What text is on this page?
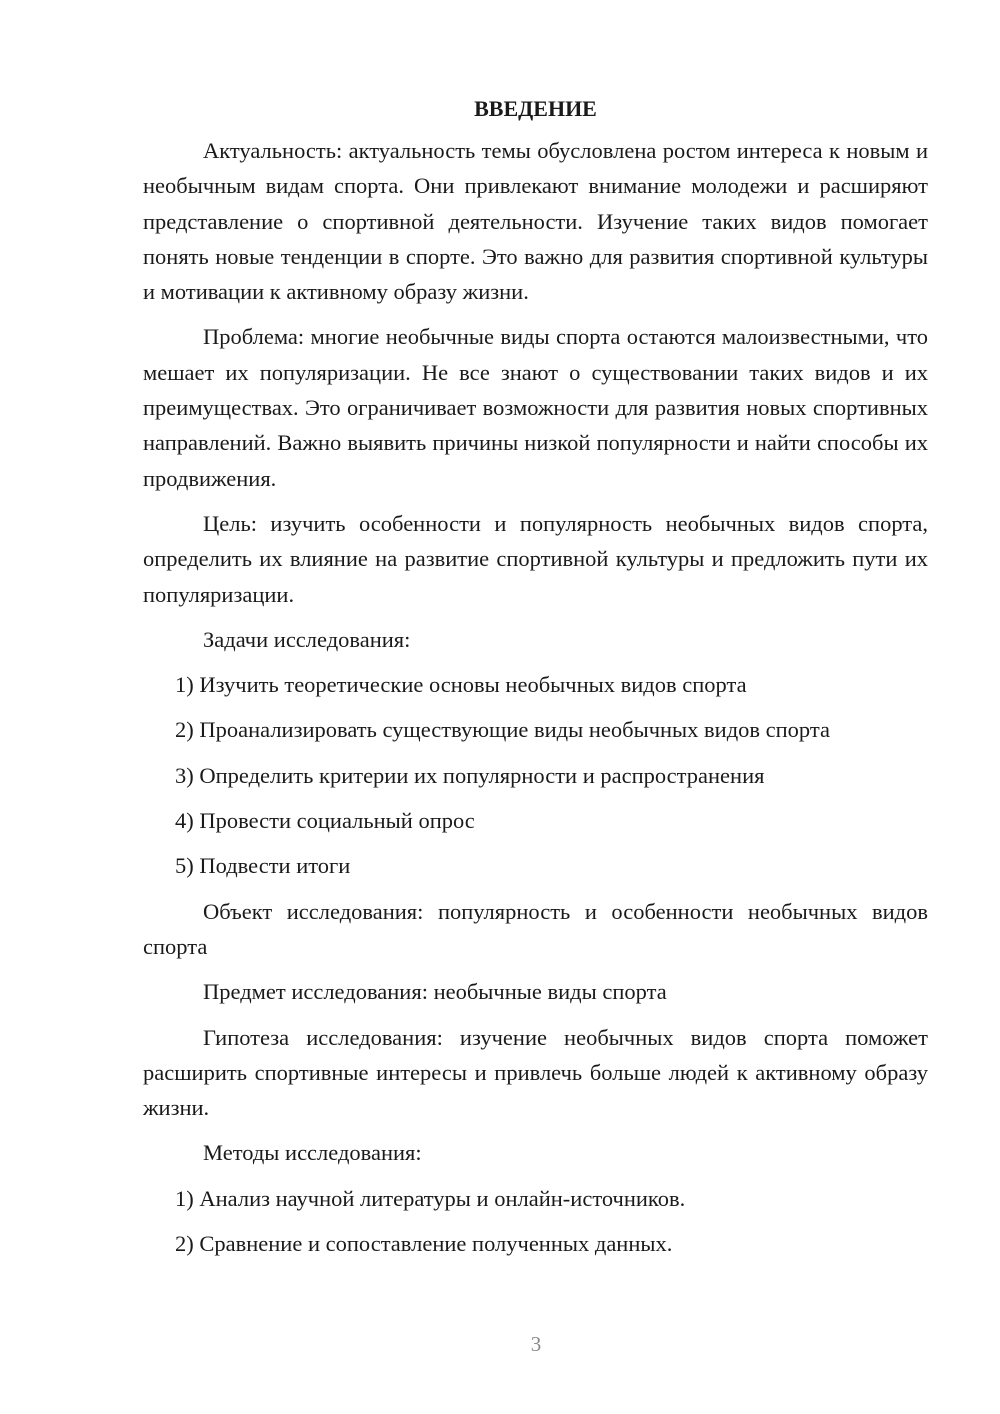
ВВЕДЕНИЕ

Актуальность: актуальность темы обусловлена ростом интереса к новым и необычным видам спорта. Они привлекают внимание молодежи и расширяют представление о спортивной деятельности. Изучение таких видов помогает понять новые тенденции в спорте. Это важно для развития спортивной культуры и мотивации к активному образу жизни.

Проблема: многие необычные виды спорта остаются малоизвестными, что мешает их популяризации. Не все знают о существовании таких видов и их преимуществах. Это ограничивает возможности для развития новых спортивных направлений. Важно выявить причины низкой популярности и найти способы их продвижения.

Цель: изучить особенности и популярность необычных видов спорта, определить их влияние на развитие спортивной культуры и предложить пути их популяризации.

Задачи исследования:

1) Изучить теоретические основы необычных видов спорта
2) Проанализировать существующие виды необычных видов спорта
3) Определить критерии их популярности и распространения
4) Провести социальный опрос
5) Подвести итоги

Объект исследования: популярность и особенности необычных видов спорта

Предмет исследования: необычные виды спорта

Гипотеза исследования: изучение необычных видов спорта поможет расширить спортивные интересы и привлечь больше людей к активному образу жизни.

Методы исследования:

1) Анализ научной литературы и онлайн-источников.
2) Сравнение и сопоставление полученных данных.
3
